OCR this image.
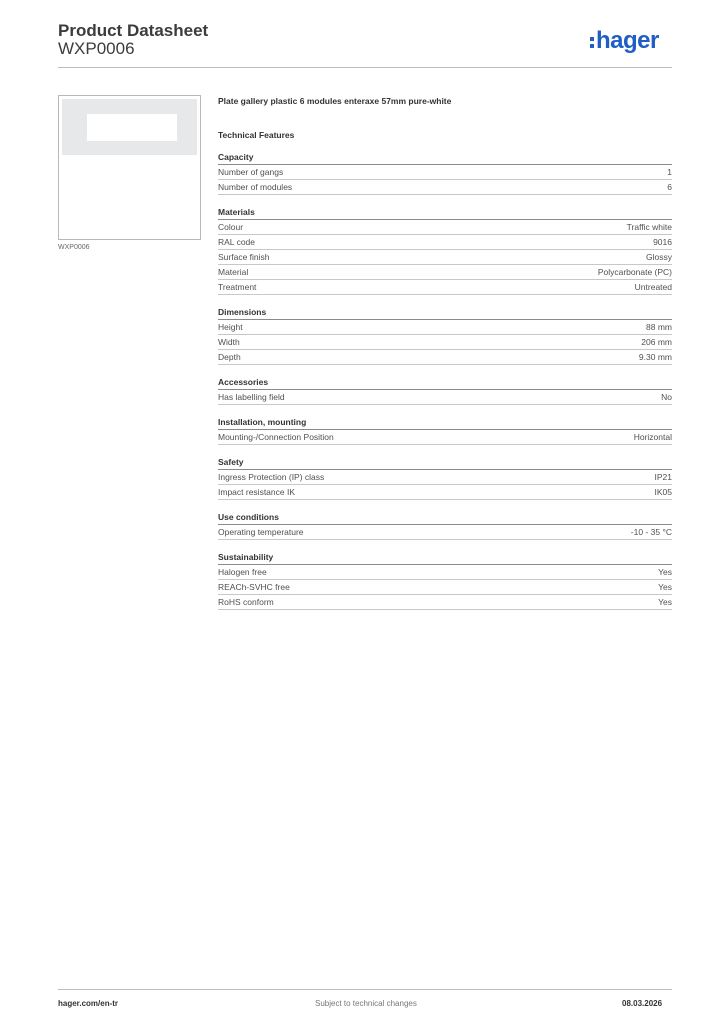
Product Datasheet
WXP0006	hager
WXP0006
Plate gallery plastic 6 modules enteraxe 57mm pure-white
Technical Features
Capacity
Number of gangs	1
Number of modules	6
Materials
Colour	Traffic white
RAL code	9016
Surface finish	Glossy
Material	Polycarbonate (PC)
Treatment	Untreated
Dimensions
Height	88 mm
Width	206 mm
Depth	9.30 mm
Accessories
Has labelling field	No
Installation, mounting
Mounting-/Connection Position	Horizontal
Safety
Ingress Protection (IP) class	IP21
Impact resistance IK	IK05
Use conditions
Operating temperature	-10 - 35 °C
Sustainability
Halogen free	Yes
REACh-SVHC free	Yes
RoHS conform	Yes
hager.com/en-tr	Subject to technical changes	08.03.2026
